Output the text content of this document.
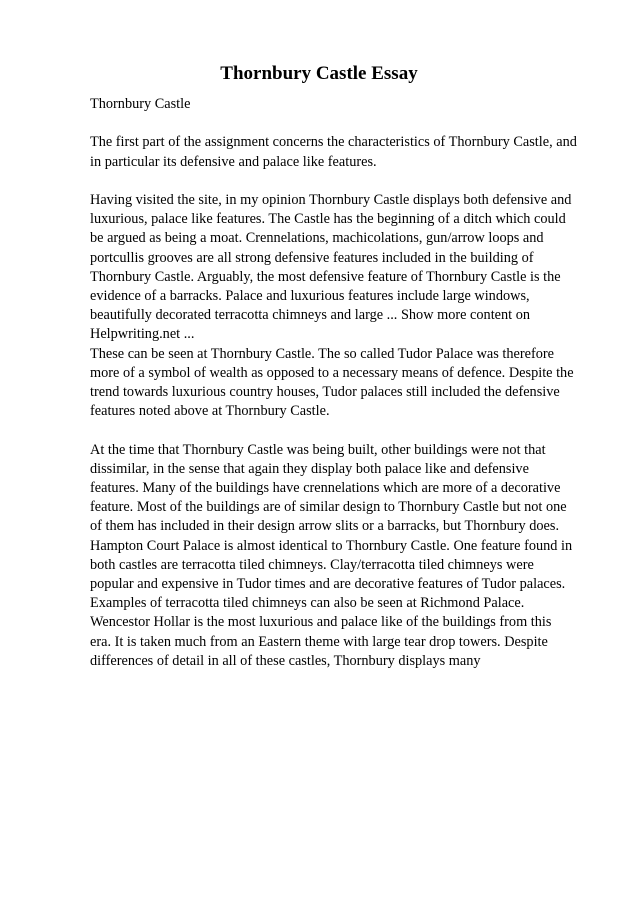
Thornbury Castle Essay

Thornbury Castle

The first part of the assignment concerns the characteristics of Thornbury Castle, and
in particular its defensive and palace like features.

Having visited the site, in my opinion Thornbury Castle displays both defensive and
luxurious, palace like features. The Castle has the beginning of a ditch which could
be argued as being a moat. Crennelations, machicolations, gun/arrow loops and
portcullis grooves are all strong defensive features included in the building of
Thornbury Castle. Arguably, the most defensive feature of Thornbury Castle is the
evidence of a barracks. Palace and luxurious features include large windows,
beautifully decorated terracotta chimneys and large ... Show more content on
Helpwriting.net ...

These can be seen at Thornbury Castle. The so called Tudor Palace was therefore
more of a symbol of wealth as opposed to a necessary means of defence. Despite the
trend towards luxurious country houses, Tudor palaces still included the defensive
features noted above at Thornbury Castle.

At the time that Thornbury Castle was being built, other buildings were not that
dissimilar, in the sense that again they display both palace like and defensive
features. Many of the buildings have crennelations which are more of a decorative
feature. Most of the buildings are of similar design to Thornbury Castle but not one
of them has included in their design arrow slits or a barracks, but Thornbury does.
Hampton Court Palace is almost identical to Thornbury Castle. One feature found in
both castles are terracotta tiled chimneys. Clay/terracotta tiled chimneys were
popular and expensive in Tudor times and are decorative features of Tudor palaces.
Examples of terracotta tiled chimneys can also be seen at Richmond Palace.
Wencestor Hollar is the most luxurious and palace like of the buildings from this
era. It is taken much from an Eastern theme with large tear drop towers. Despite
differences of detail in all of these castles, Thornbury displays many
